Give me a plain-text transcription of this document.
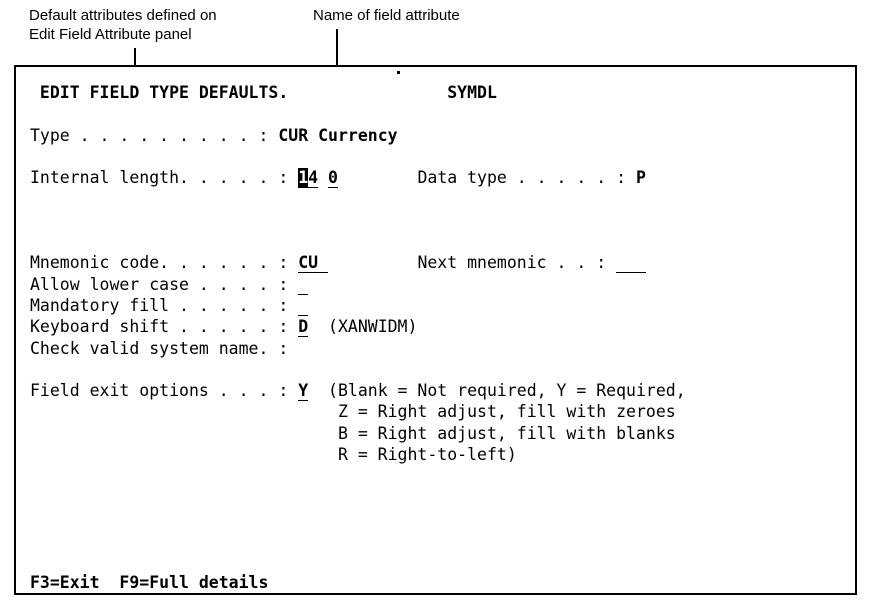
Default attributes defined on
Edit Field Attribute panel
Name of field attribute
EDIT FIELD TYPE DEFAULTS.	SYMDL

Type . . . . . . . . . : CUR Currency

Internal length. . . . . : 14 0	Data type . . . . . : P

Mnemonic code. . . . . . : CU	Next mnemonic . . :
Allow lower case . . . . :
Mandatory fill . . . . . :
Keyboard shift . . . . . : D  (XANWIDM)
Check valid system name. :

Field exit options . . . : Y  (Blank = Not required, Y = Required,
Z = Right adjust, fill with zeroes
B = Right adjust, fill with blanks
R = Right-to-left)

F3=Exit  F9=Full details
